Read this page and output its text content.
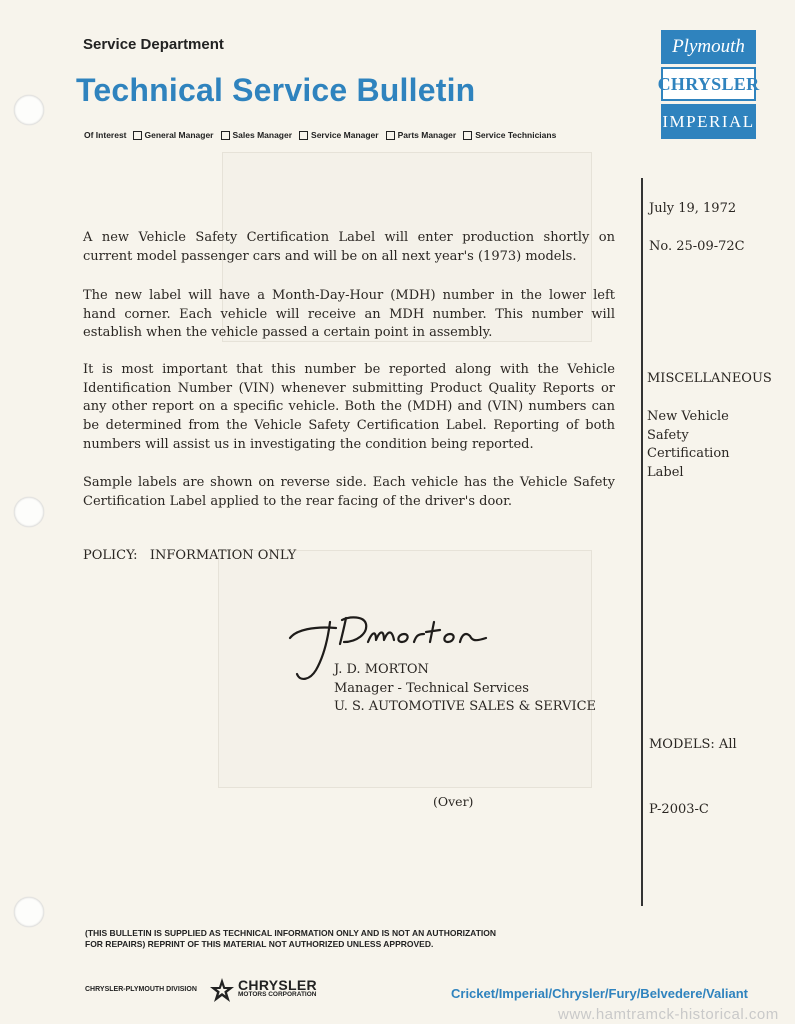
Service Department
Technical Service Bulletin
Of Interest General Manager Sales Manager Service Manager Parts Manager Service Technicians
Plymouth
CHRYSLER
IMPERIAL
July 19, 1972
No. 25-09-72C
MISCELLANEOUS
New Vehicle
Safety
Certification
Label
MODELS: All
P-2003-C

A new Vehicle Safety Certification Label will enter production shortly on current model passenger cars and will be on all next year's (1973) models.

The new label will have a Month-Day-Hour (MDH) number in the lower left hand corner. Each vehicle will receive an MDH number. This number will establish when the vehicle passed a certain point in assembly.

It is most important that this number be reported along with the Vehicle Identification Number (VIN) whenever submitting Product Quality Reports or any other report on a specific vehicle. Both the (MDH) and (VIN) numbers can be determined from the Vehicle Safety Certification Label. Reporting of both numbers will assist us in investigating the condition being reported.

Sample labels are shown on reverse side. Each vehicle has the Vehicle Safety Certification Label applied to the rear facing of the driver's door.

POLICY:   INFORMATION ONLY
J. D. MORTON
Manager - Technical Services
U. S. AUTOMOTIVE SALES & SERVICE
(Over)
(THIS BULLETIN IS SUPPLIED AS TECHNICAL INFORMATION ONLY AND IS NOT AN AUTHORIZATION
FOR REPAIRS) REPRINT OF THIS MATERIAL NOT AUTHORIZED UNLESS APPROVED.
CHRYSLER-PLYMOUTH DIVISION	CHRYSLER
MOTORS CORPORATION	Cricket/Imperial/Chrysler/Fury/Belvedere/Valiant
www.hamtramck-historical.com
